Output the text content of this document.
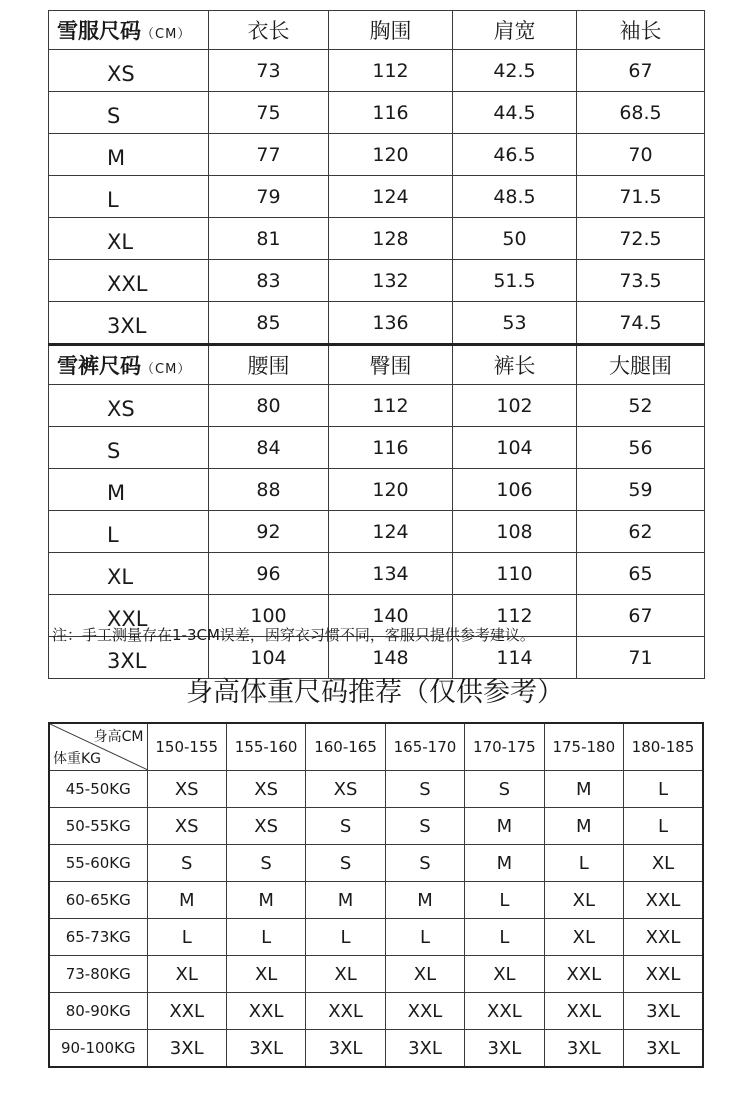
雪服尺码（CM）	衣长	胸围	肩宽	袖长
XS	73	112	42.5	67
S	75	116	44.5	68.5
M	77	120	46.5	70
L	79	124	48.5	71.5
XL	81	128	50	72.5
XXL	83	132	51.5	73.5
3XL	85	136	53	74.5
雪裤尺码（CM）	腰围	臀围	裤长	大腿围
XS	80	112	102	52
S	84	116	104	56
M	88	120	106	59
L	92	124	108	62
XL	96	134	110	65
XXL	100	140	112	67
3XL	104	148	114	71
注：手工测量存在1-3CM误差，因穿衣习惯不同，客服只提供参考建议。
身高体重尺码推荐（仅供参考）
身高CM
体重KG	150-155	155-160	160-165	165-170	170-175	175-180	180-185
45-50KG	XS	XS	XS	S	S	M	L
50-55KG	XS	XS	S	S	M	M	L
55-60KG	S	S	S	S	M	L	XL
60-65KG	M	M	M	M	L	XL	XXL
65-73KG	L	L	L	L	L	XL	XXL
73-80KG	XL	XL	XL	XL	XL	XXL	XXL
80-90KG	XXL	XXL	XXL	XXL	XXL	XXL	3XL
90-100KG	3XL	3XL	3XL	3XL	3XL	3XL	3XL
